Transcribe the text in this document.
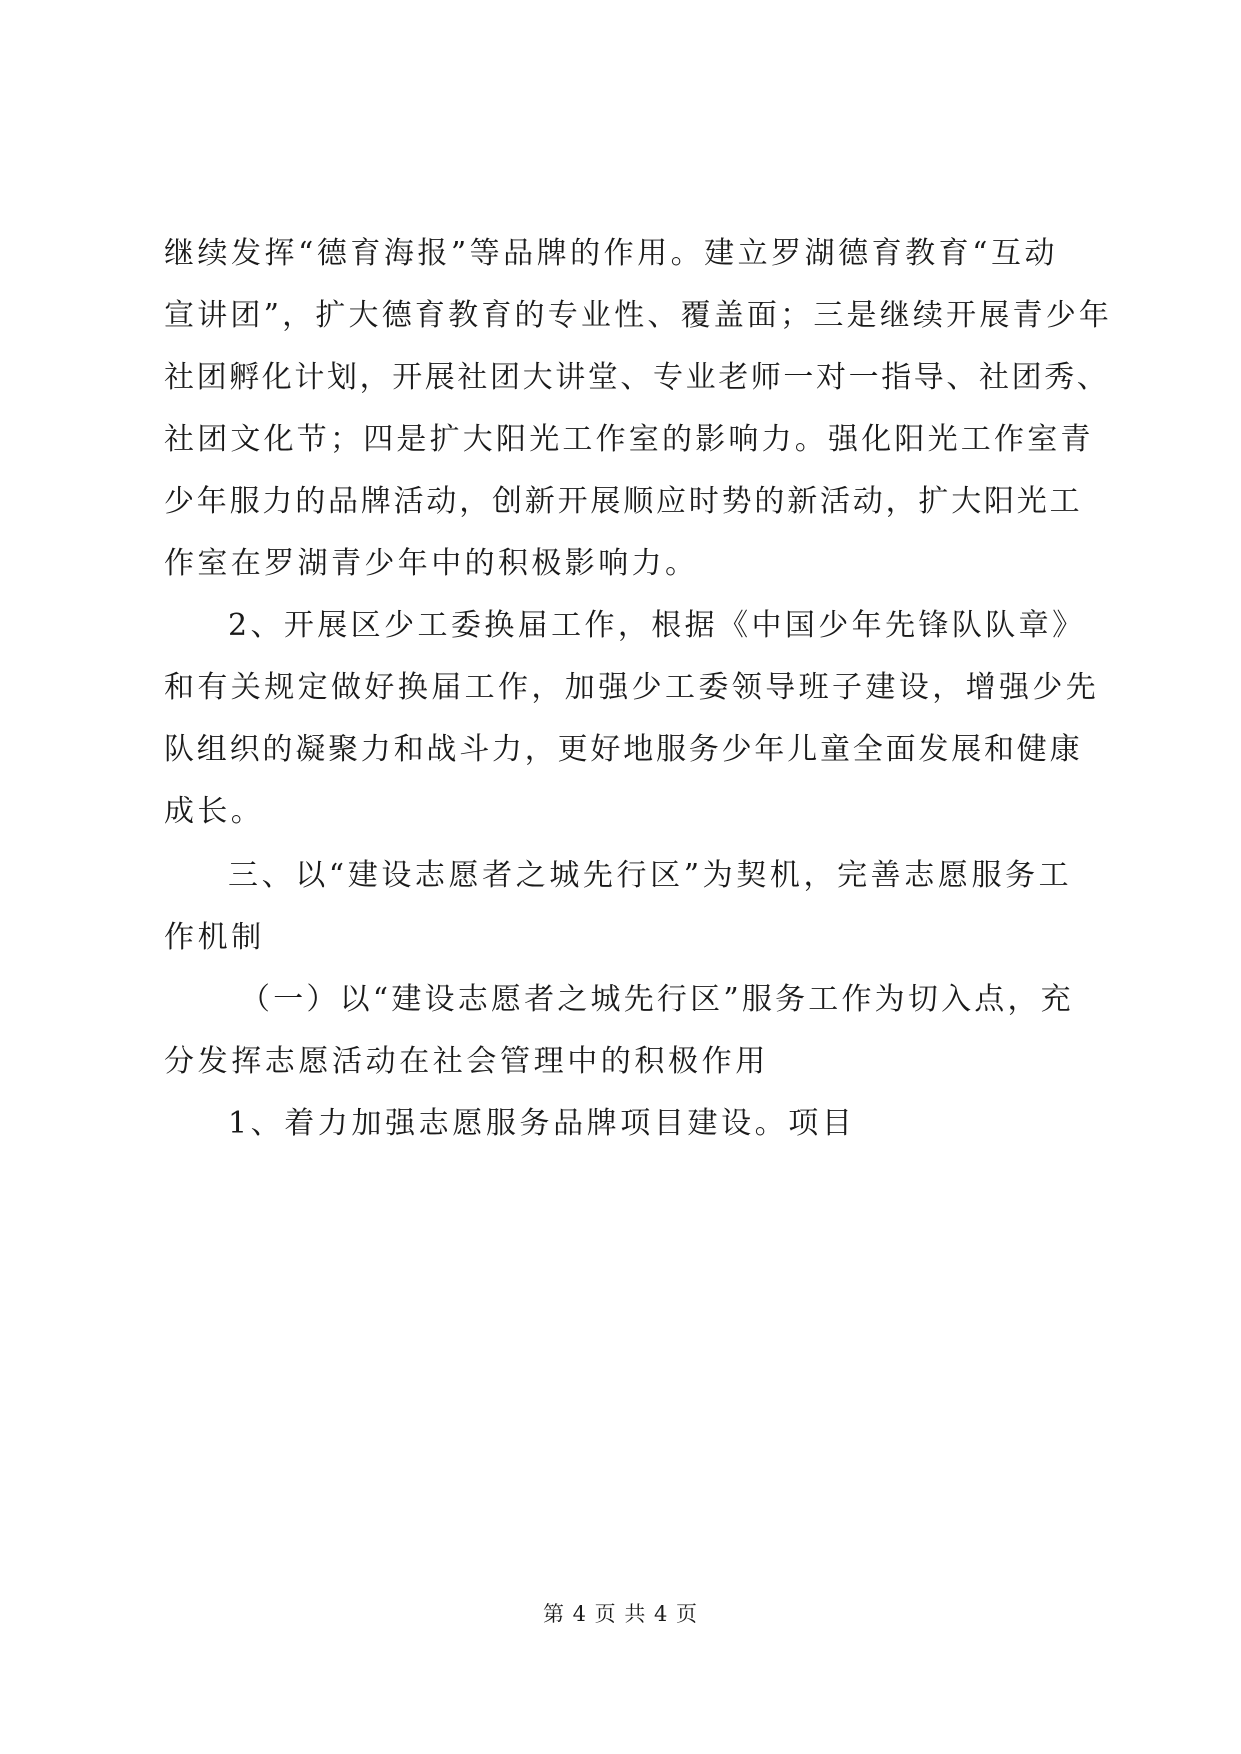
继续发挥“德育海报”等品牌的作用。建立罗湖德育教育“互动
宣讲团”，扩大德育教育的专业性、覆盖面；三是继续开展青少年
社团孵化计划，开展社团大讲堂、专业老师一对一指导、社团秀、
社团文化节；四是扩大阳光工作室的影响力。强化阳光工作室青
少年服力的品牌活动，创新开展顺应时势的新活动，扩大阳光工
作室在罗湖青少年中的积极影响力。
2、开展区少工委换届工作，根据《中国少年先锋队队章》
和有关规定做好换届工作，加强少工委领导班子建设，增强少先
队组织的凝聚力和战斗力，更好地服务少年儿童全面发展和健康
成长。
三、以“建设志愿者之城先行区”为契机，完善志愿服务工
作机制
（一）以“建设志愿者之城先行区”服务工作为切入点，充
分发挥志愿活动在社会管理中的积极作用
1、着力加强志愿服务品牌项目建设。项目
第 4 页 共 4 页
